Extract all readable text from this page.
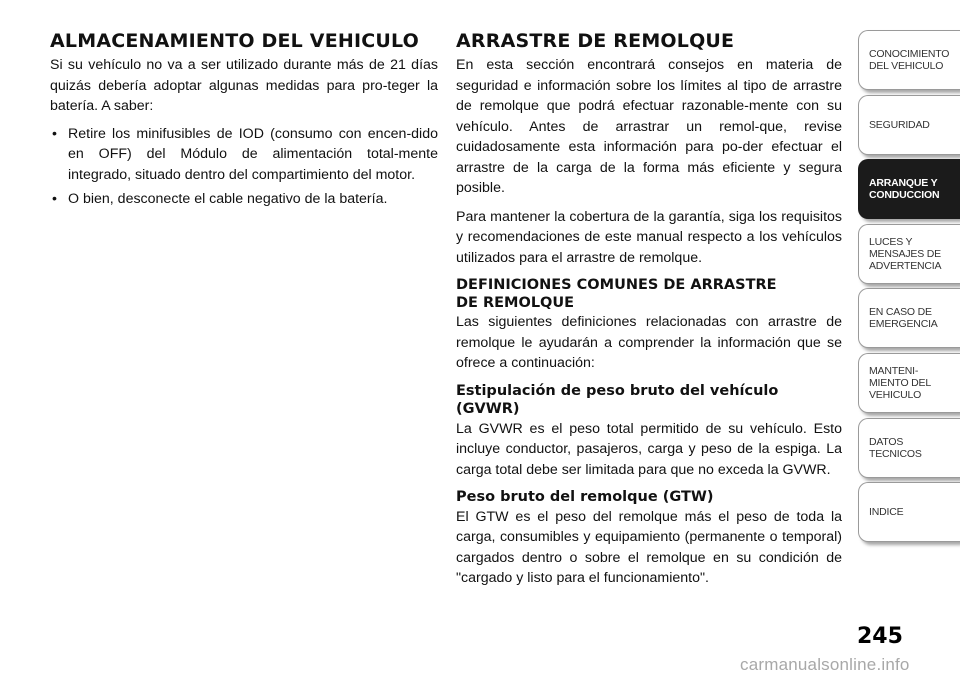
ALMACENAMIENTO DEL VEHICULO

Si su vehículo no va a ser utilizado durante más de 21 días quizás debería adoptar algunas medidas para pro-teger la batería. A saber:

• Retire los minifusibles de IOD (consumo con encen-dido en OFF) del Módulo de alimentación total-mente integrado, situado dentro del compartimiento del motor.
• O bien, desconecte el cable negativo de la batería.
ARRASTRE DE REMOLQUE

En esta sección encontrará consejos en materia de seguridad e información sobre los límites al tipo de arrastre de remolque que podrá efectuar razonable-mente con su vehículo. Antes de arrastrar un remol-que, revise cuidadosamente esta información para po-der efectuar el arrastre de la carga de la forma más eficiente y segura posible.

Para mantener la cobertura de la garantía, siga los requisitos y recomendaciones de este manual respecto a los vehículos utilizados para el arrastre de remolque.

DEFINICIONES COMUNES DE ARRASTRE
DE REMOLQUE

Las siguientes definiciones relacionadas con arrastre de remolque le ayudarán a comprender la información que se ofrece a continuación:

Estipulación de peso bruto del vehículo
(GVWR)

La GVWR es el peso total permitido de su vehículo. Esto incluye conductor, pasajeros, carga y peso de la espiga. La carga total debe ser limitada para que no exceda la GVWR.

Peso bruto del remolque (GTW)

El GTW es el peso del remolque más el peso de toda la carga, consumibles y equipamiento (permanente o temporal) cargados dentro o sobre el remolque en su condición de "cargado y listo para el funcionamiento".

CONOCIMIENTO
DEL VEHICULO
SEGURIDAD
ARRANQUE Y
CONDUCCION
LUCES Y
MENSAJES DE
ADVERTENCIA
EN CASO DE
EMERGENCIA
MANTENI-
MIENTO DEL
VEHICULO
DATOS
TECNICOS
INDICE
245
carmanualsonline.info
